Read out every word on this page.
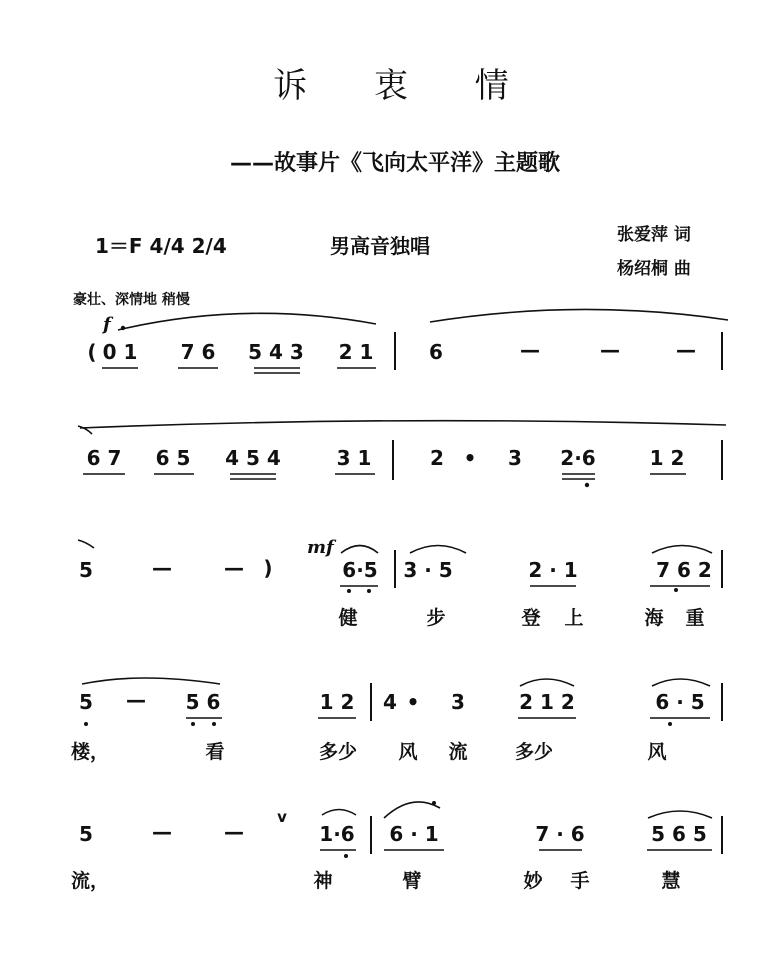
诉 衷 情
——故事片《飞向太平洋》主题歌
1＝F 4/4 2/4	男高音独唱	张爱萍 词
杨绍桐 曲
豪壮、深情地 稍慢
f
mf
( 0 1 7 6 5 4 3 2 1	6	—	—	—
6 7 6 5 4 5 4	3 1	2 • 3 2·6	1 2
5	—	— )	6·5 3 · 5	2 · 1	7 6 2
健	步	登 上	海 重
5 — 5 6	1 2 4 • 3	2 1 2	6 · 5
楼，	看	多少 风 流 多少	风
5	—	—
v
1·6 6 · 1	7 · 6	5 6 5
流，	神	臂	妙 手	慧
